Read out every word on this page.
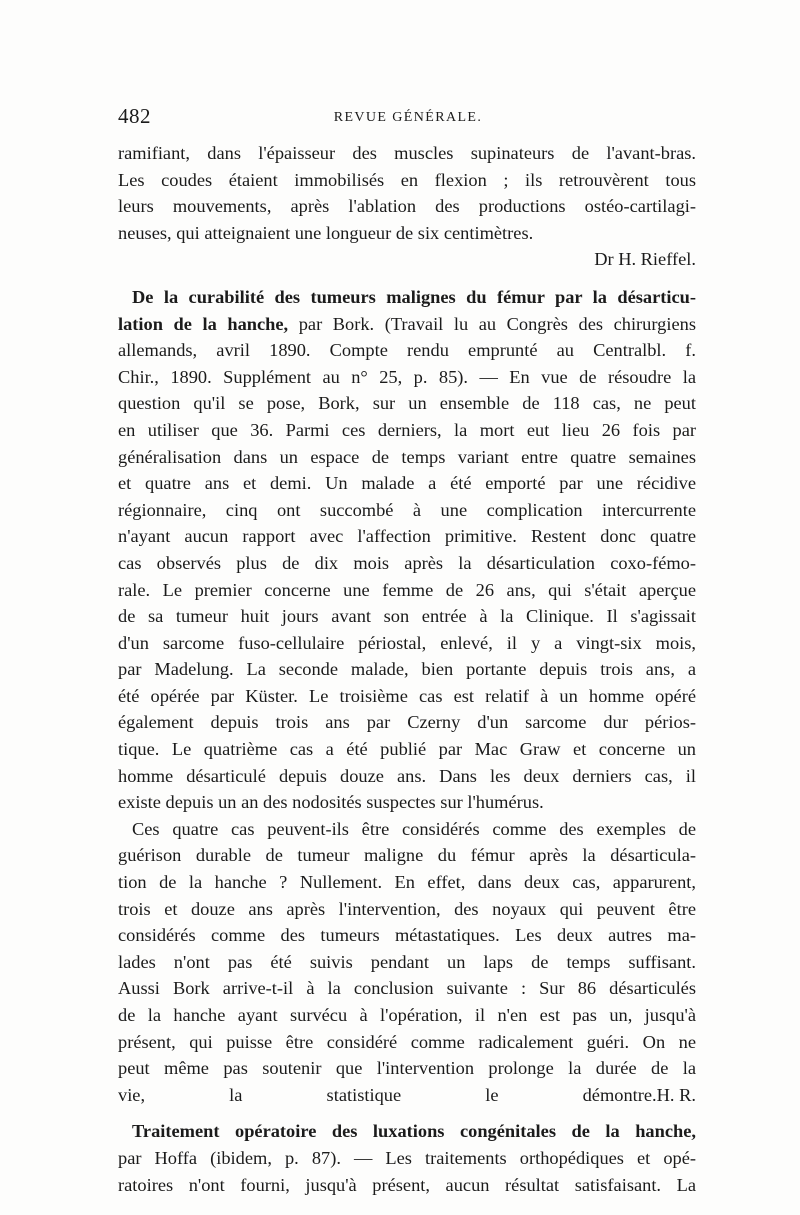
482	REVUE GÉNÉRALE.

ramifiant, dans l'épaisseur des muscles supinateurs de l'avant-bras.

Les coudes étaient immobilisés en flexion ; ils retrouvèrent tous

leurs mouvements, après l'ablation des productions ostéo-cartilagi-

neuses, qui atteignaient une longueur de six centimètres.

Dr H. Rieffel.

De la curabilité des tumeurs malignes du fémur par la désarticu-

lation de la hanche, par Bork. (Travail lu au Congrès des chirurgiens

allemands, avril 1890. Compte rendu emprunté au Centralbl. f.

Chir., 1890. Supplément au n° 25, p. 85). — En vue de résoudre la

question qu'il se pose, Bork, sur un ensemble de 118 cas, ne peut

en utiliser que 36. Parmi ces derniers, la mort eut lieu 26 fois par

généralisation dans un espace de temps variant entre quatre semaines

et quatre ans et demi. Un malade a été emporté par une récidive

régionnaire, cinq ont succombé à une complication intercurrente

n'ayant aucun rapport avec l'affection primitive. Restent donc quatre

cas observés plus de dix mois après la désarticulation coxo-fémo-

rale. Le premier concerne une femme de 26 ans, qui s'était aperçue

de sa tumeur huit jours avant son entrée à la Clinique. Il s'agissait

d'un sarcome fuso-cellulaire périostal, enlevé, il y a vingt-six mois,

par Madelung. La seconde malade, bien portante depuis trois ans, a

été opérée par Küster. Le troisième cas est relatif à un homme opéré

également depuis trois ans par Czerny d'un sarcome dur périos-

tique. Le quatrième cas a été publié par Mac Graw et concerne un

homme désarticulé depuis douze ans. Dans les deux derniers cas, il

existe depuis un an des nodosités suspectes sur l'humérus.

Ces quatre cas peuvent-ils être considérés comme des exemples de

guérison durable de tumeur maligne du fémur après la désarticula-

tion de la hanche ? Nullement. En effet, dans deux cas, apparurent,

trois et douze ans après l'intervention, des noyaux qui peuvent être

considérés comme des tumeurs métastatiques. Les deux autres ma-

lades n'ont pas été suivis pendant un laps de temps suffisant.

Aussi Bork arrive-t-il à la conclusion suivante : Sur 86 désarticulés

de la hanche ayant survécu à l'opération, il n'en est pas un, jusqu'à

présent, qui puisse être considéré comme radicalement guéri. On ne

peut même pas soutenir que l'intervention prolonge la durée de la

vie, la statistique le démontre. H. R.

Traitement opératoire des luxations congénitales de la hanche,

par Hoffa (ibidem, p. 87). — Les traitements orthopédiques et opé-

ratoires n'ont fourni, jusqu'à présent, aucun résultat satisfaisant. La
